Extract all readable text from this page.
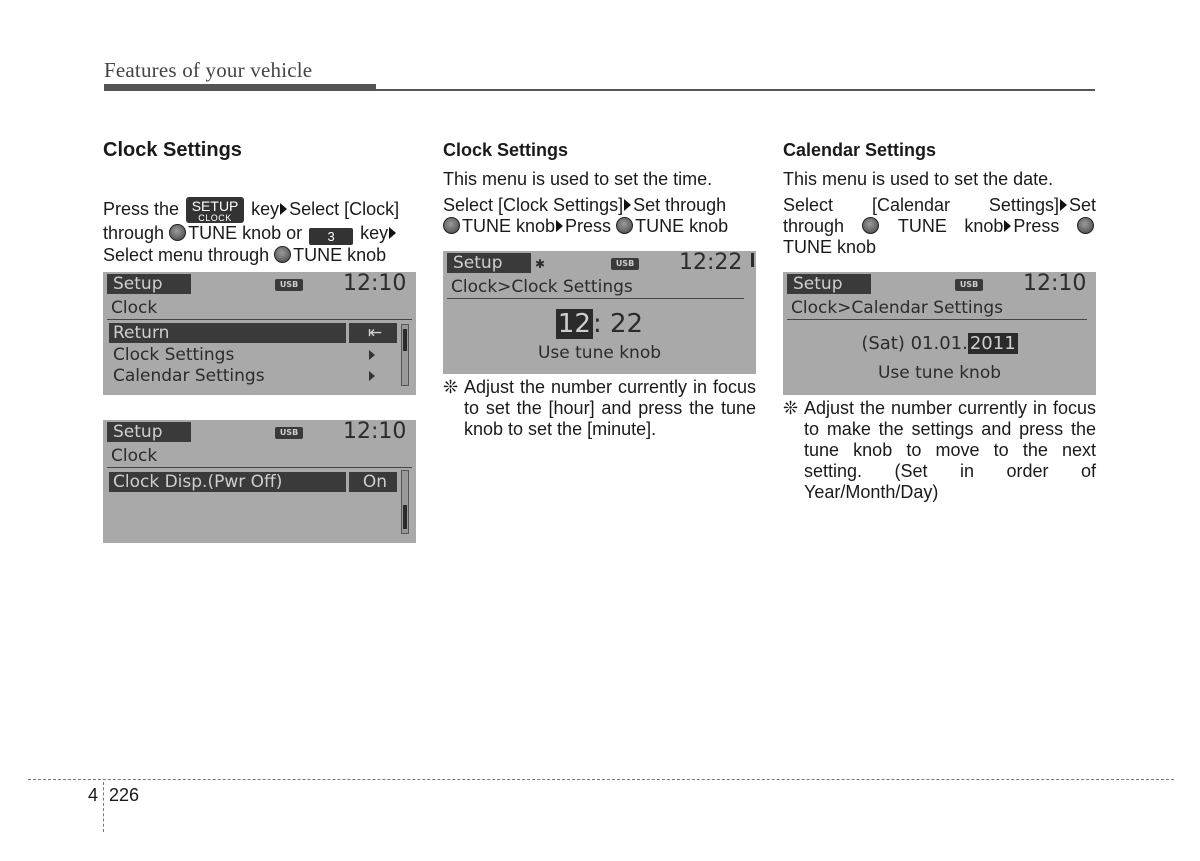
Features of your vehicle
Clock Settings

Press the SETUP
CLOCK	key Select [Clock]
through TUNE knob or 3 key
Select menu through TUNE knob

Setup	USB 12:10
Clock
Return	⇤
Clock Settings
Calendar Settings
Setup	USB 12:10
Clock
Clock Disp.(Pwr Off)	On
Clock Settings

This menu is used to set the time.

Select [Clock Settings] Set through
TUNE knob Press TUNE knob

Setup	✱	USB 12:22
Clock>Clock Settings
12: 22
Use tune knob

❊ Adjust the number currently in focus to set the [hour] and press the tune knob to set the [minute].

Calendar Settings

This menu is used to set the date.

Select [Calendar Settings] Set

through	TUNE knob Press

TUNE knob

Setup	USB 12:10
Clock>Calendar Settings
(Sat) 01.01. 2011
Use tune knob

❊ Adjust the number currently in focus to make the settings and press the tune knob to move to the next setting. (Set in order of Year/Month/Day)

4 226
